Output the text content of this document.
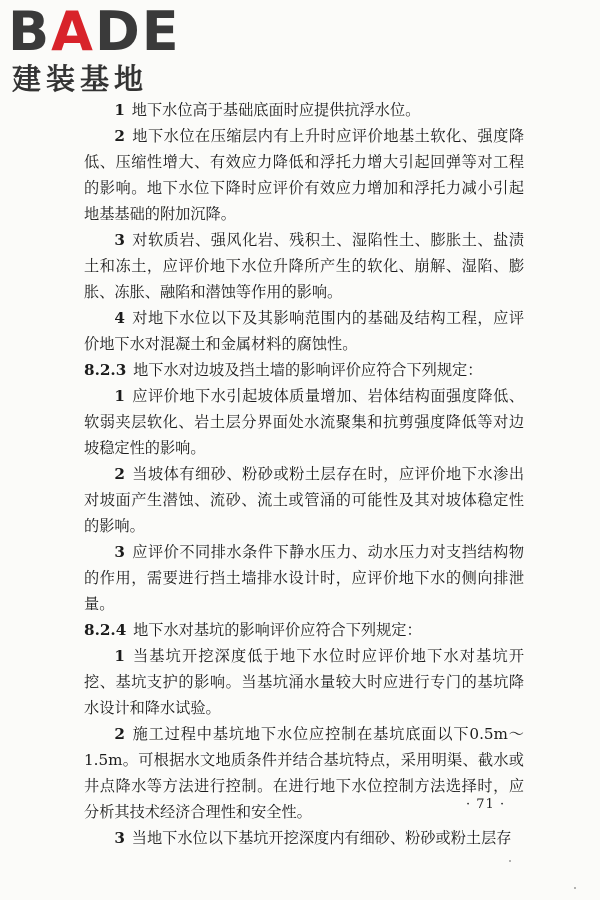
BADE
建装基地

1 地下水位高于基础底面时应提供抗浮水位。

2 地下水位在压缩层内有上升时应评价地基土软化、强度降低、压缩性增大、有效应力降低和浮托力增大引起回弹等对工程的影响。地下水位下降时应评价有效应力增加和浮托力减小引起地基基础的附加沉降。

3 对软质岩、强风化岩、残积土、湿陷性土、膨胀土、盐渍土和冻土，应评价地下水位升降所产生的软化、崩解、湿陷、膨胀、冻胀、融陷和潜蚀等作用的影响。

4 对地下水位以下及其影响范围内的基础及结构工程，应评价地下水对混凝土和金属材料的腐蚀性。

8.2.3 地下水对边坡及挡土墙的影响评价应符合下列规定：

1 应评价地下水引起坡体质量增加、岩体结构面强度降低、软弱夹层软化、岩土层分界面处水流聚集和抗剪强度降低等对边坡稳定性的影响。

2 当坡体有细砂、粉砂或粉土层存在时，应评价地下水渗出对坡面产生潜蚀、流砂、流土或管涌的可能性及其对坡体稳定性的影响。

3 应评价不同排水条件下静水压力、动水压力对支挡结构物的作用，需要进行挡土墙排水设计时，应评价地下水的侧向排泄量。

8.2.4 地下水对基坑的影响评价应符合下列规定：

1 当基坑开挖深度低于地下水位时应评价地下水对基坑开挖、基坑支护的影响。当基坑涌水量较大时应进行专门的基坑降水设计和降水试验。

2 施工过程中基坑地下水位应控制在基坑底面以下0.5m～1.5m。可根据水文地质条件并结合基坑特点，采用明渠、截水或井点降水等方法进行控制。在进行地下水位控制方法选择时，应分析其技术经济合理性和安全性。

3 当地下水位以下基坑开挖深度内有细砂、粉砂或粉土层存

· 71 ·
